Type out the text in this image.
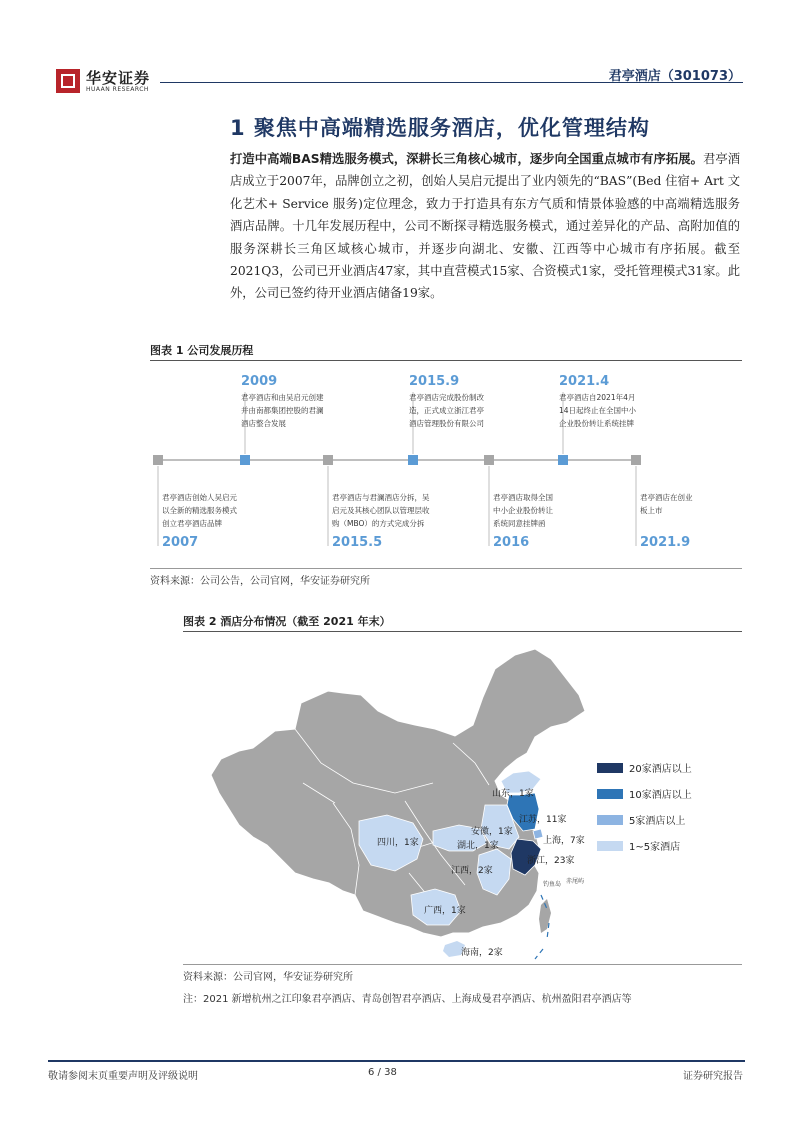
华安证券
HUAAN RESEARCH
君亭酒店（301073）
1 聚焦中高端精选服务酒店，优化管理结构
打造中高端BAS精选服务模式，深耕长三角核心城市，逐步向全国重点城市有序拓展。君亭酒店成立于2007年，品牌创立之初，创始人吴启元提出了业内领先的“BAS”(Bed 住宿+ Art 文化艺术+ Service 服务)定位理念，致力于打造具有东方气质和情景体验感的中高端精选服务酒店品牌。十几年发展历程中，公司不断探寻精选服务模式，通过差异化的产品、高附加值的服务深耕长三角区域核心城市，并逐步向湖北、安徽、江西等中心城市有序拓展。截至2021Q3，公司已开业酒店47家，其中直营模式15家、合资模式1家，受托管理模式31家。此外，公司已签约待开业酒店储备19家。
图表 1 公司发展历程
君亭酒店创始人吴启元
以全新的精选服务模式
创立君亭酒店品牌
2007
2009
君亭酒店和由吴启元创建
并由南都集团控股的君澜
酒店整合发展
君亭酒店与君澜酒店分拆，吴
启元及其核心团队以管理层收
购（MBO）的方式完成分拆
2015.5
2015.9
君亭酒店完成股份制改
造，正式成立浙江君亭
酒店管理股份有限公司
君亭酒店取得全国
中小企业股份转让
系统同意挂牌函
2016
2021.4
君亭酒店自2021年4月
14日起终止在全国中小
企业股份转让系统挂牌
君亭酒店在创业
板上市
2021.9
资料来源：公司公告，公司官网，华安证券研究所
图表 2 酒店分布情况（截至 2021 年末）
山东，1家
江苏，11家
上海，7家
安徽，1家
四川，1家	湖北，1家
浙江，23家
江西，2家
广西，1家
海南，2家
钓鱼岛 赤尾屿
20家酒店以上
10家酒店以上
5家酒店以上
1~5家酒店
资料来源：公司官网，华安证券研究所
注：2021 新增杭州之江印象君亭酒店、青岛创智君亭酒店、上海成曼君亭酒店、杭州盈阳君亭酒店等
敬请参阅末页重要声明及评级说明	6 / 38	证券研究报告
